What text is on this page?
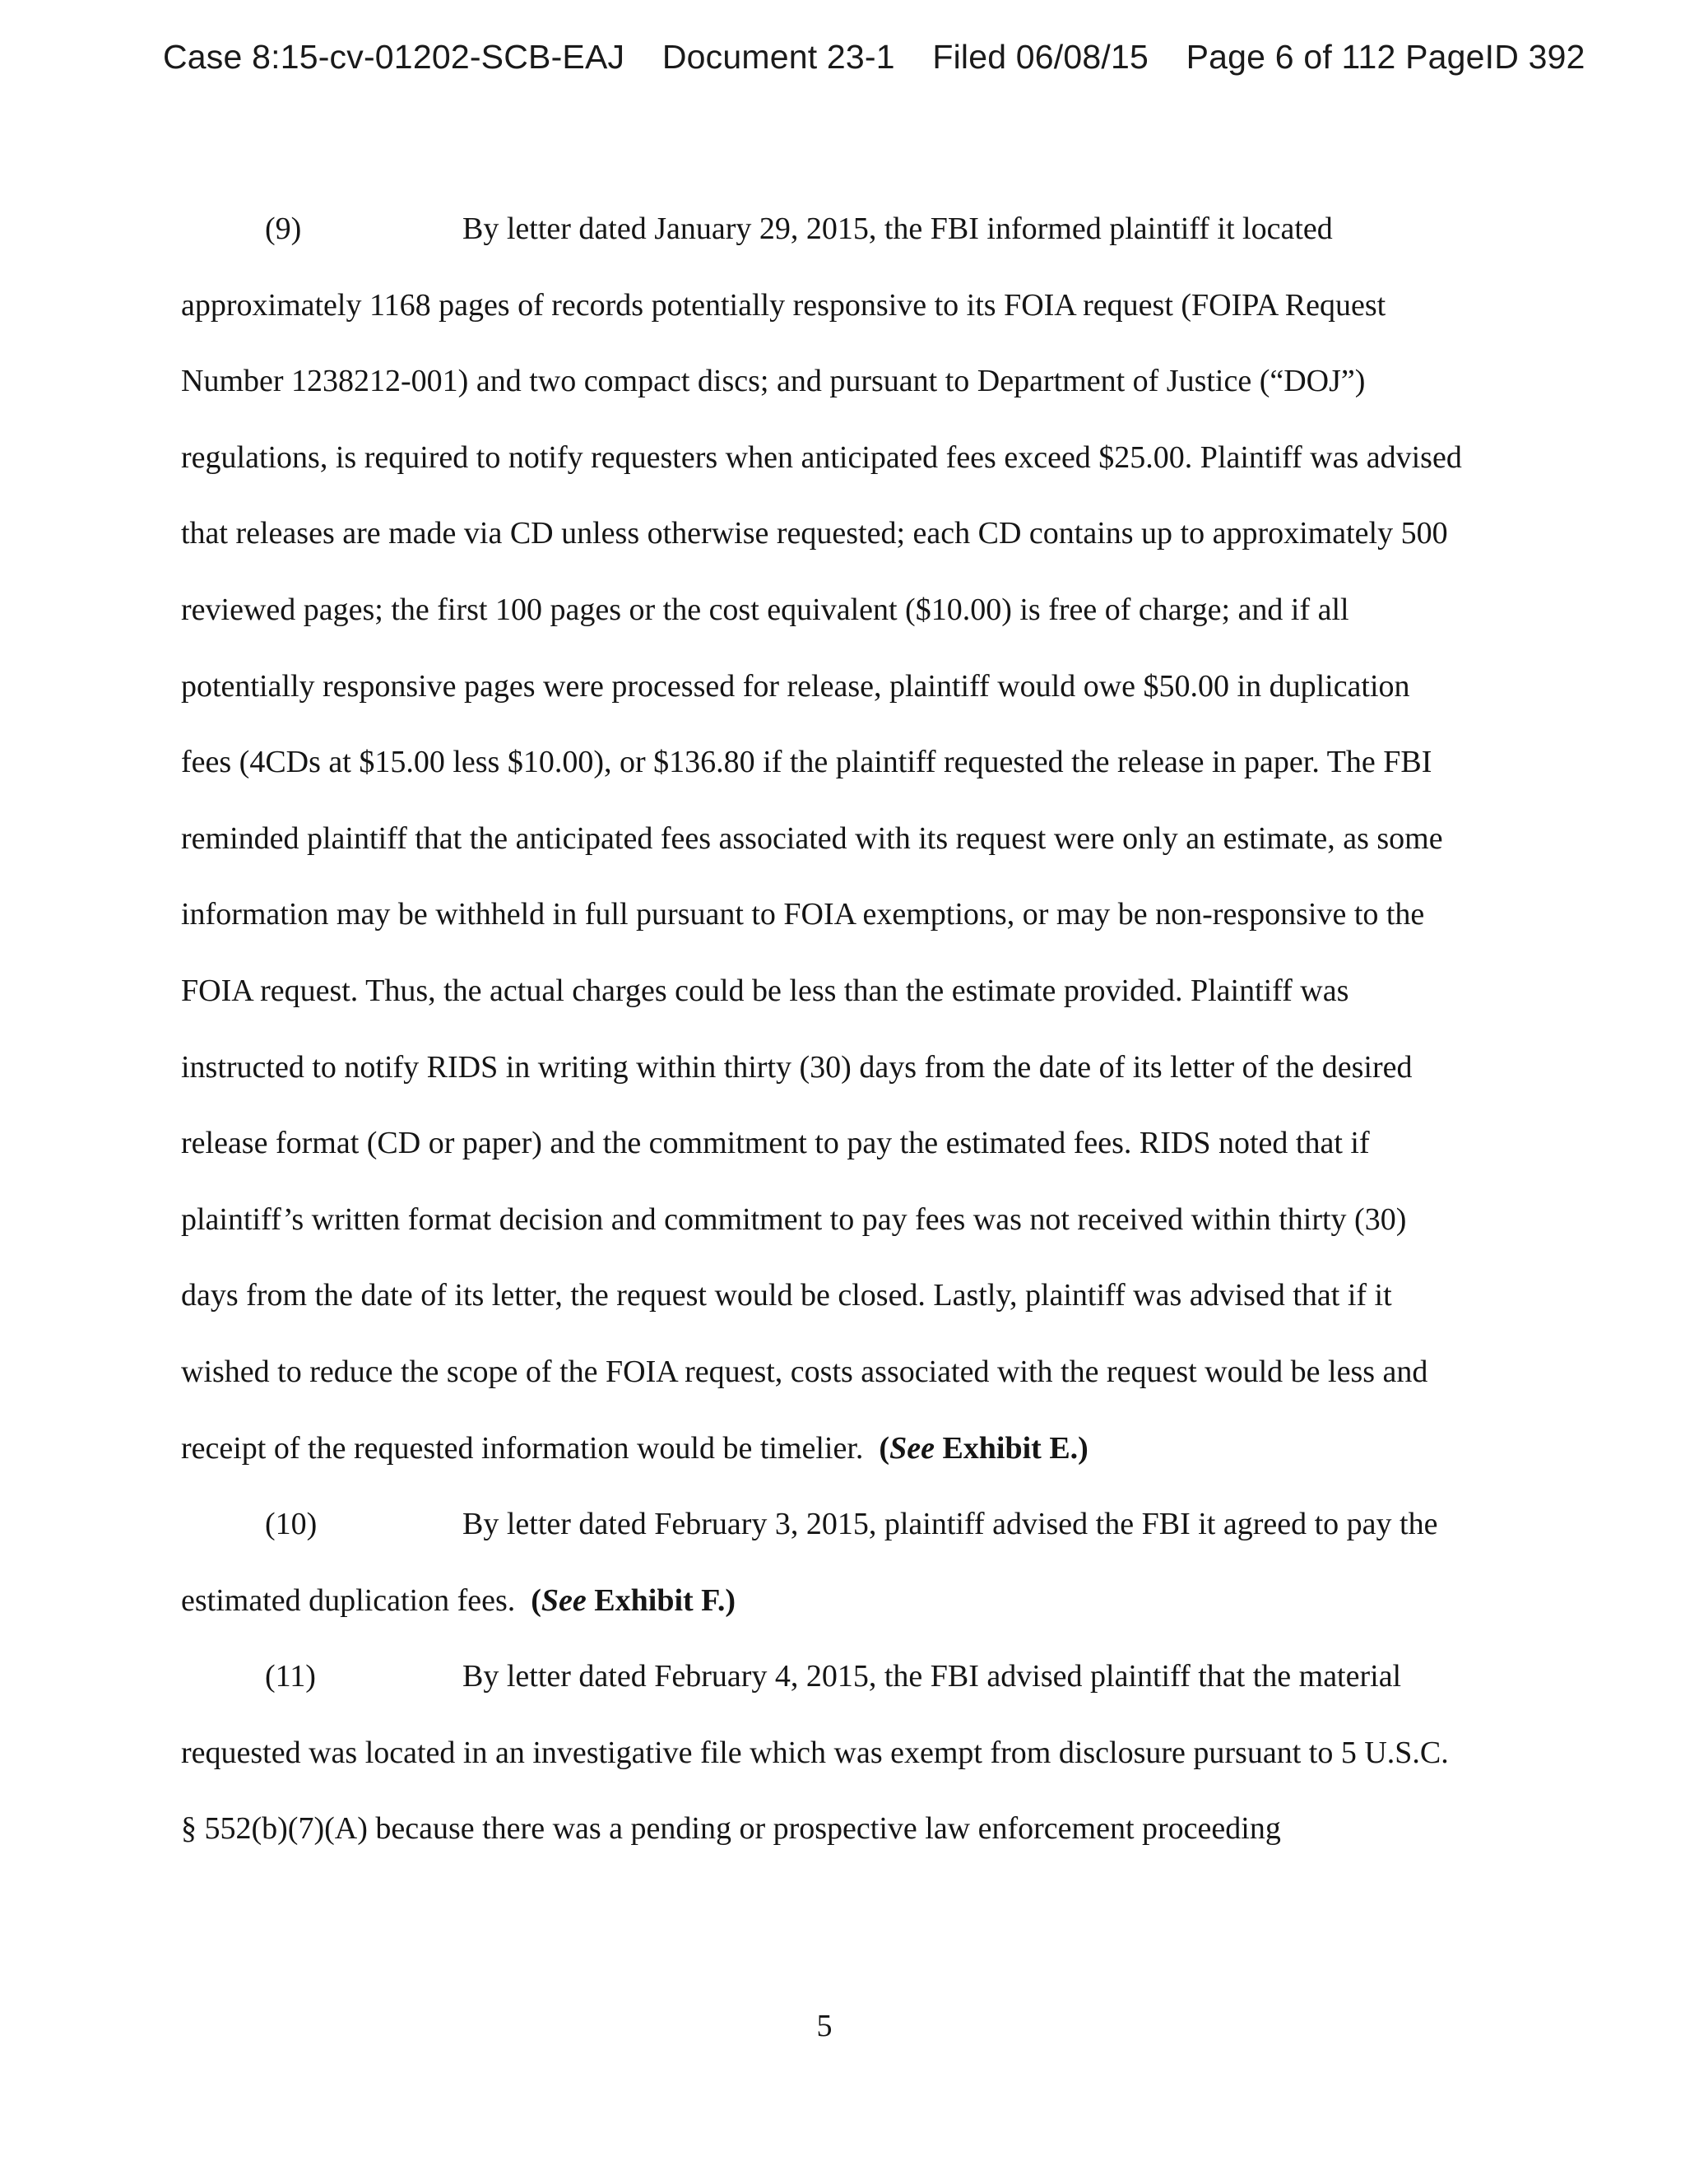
Case 8:15-cv-01202-SCB-EAJ Document 23-1 Filed 06/08/15 Page 6 of 112 PageID 392

(9)	By letter dated January 29, 2015, the FBI informed plaintiff it located approximately 1168 pages of records potentially responsive to its FOIA request (FOIPA Request Number 1238212-001) and two compact discs; and pursuant to Department of Justice (“DOJ”) regulations, is required to notify requesters when anticipated fees exceed $25.00. Plaintiff was advised that releases are made via CD unless otherwise requested; each CD contains up to approximately 500 reviewed pages; the first 100 pages or the cost equivalent ($10.00) is free of charge; and if all potentially responsive pages were processed for release, plaintiff would owe $50.00 in duplication fees (4CDs at $15.00 less $10.00), or $136.80 if the plaintiff requested the release in paper. The FBI reminded plaintiff that the anticipated fees associated with its request were only an estimate, as some information may be withheld in full pursuant to FOIA exemptions, or may be non-responsive to the FOIA request. Thus, the actual charges could be less than the estimate provided. Plaintiff was instructed to notify RIDS in writing within thirty (30) days from the date of its letter of the desired release format (CD or paper) and the commitment to pay the estimated fees. RIDS noted that if plaintiff’s written format decision and commitment to pay fees was not received within thirty (30) days from the date of its letter, the request would be closed. Lastly, plaintiff was advised that if it wished to reduce the scope of the FOIA request, costs associated with the request would be less and receipt of the requested information would be timelier. (See Exhibit E.)

(10)	By letter dated February 3, 2015, plaintiff advised the FBI it agreed to pay the estimated duplication fees. (See Exhibit F.)

(11)	By letter dated February 4, 2015, the FBI advised plaintiff that the material requested was located in an investigative file which was exempt from disclosure pursuant to 5 U.S.C. § 552(b)(7)(A) because there was a pending or prospective law enforcement proceeding

5
